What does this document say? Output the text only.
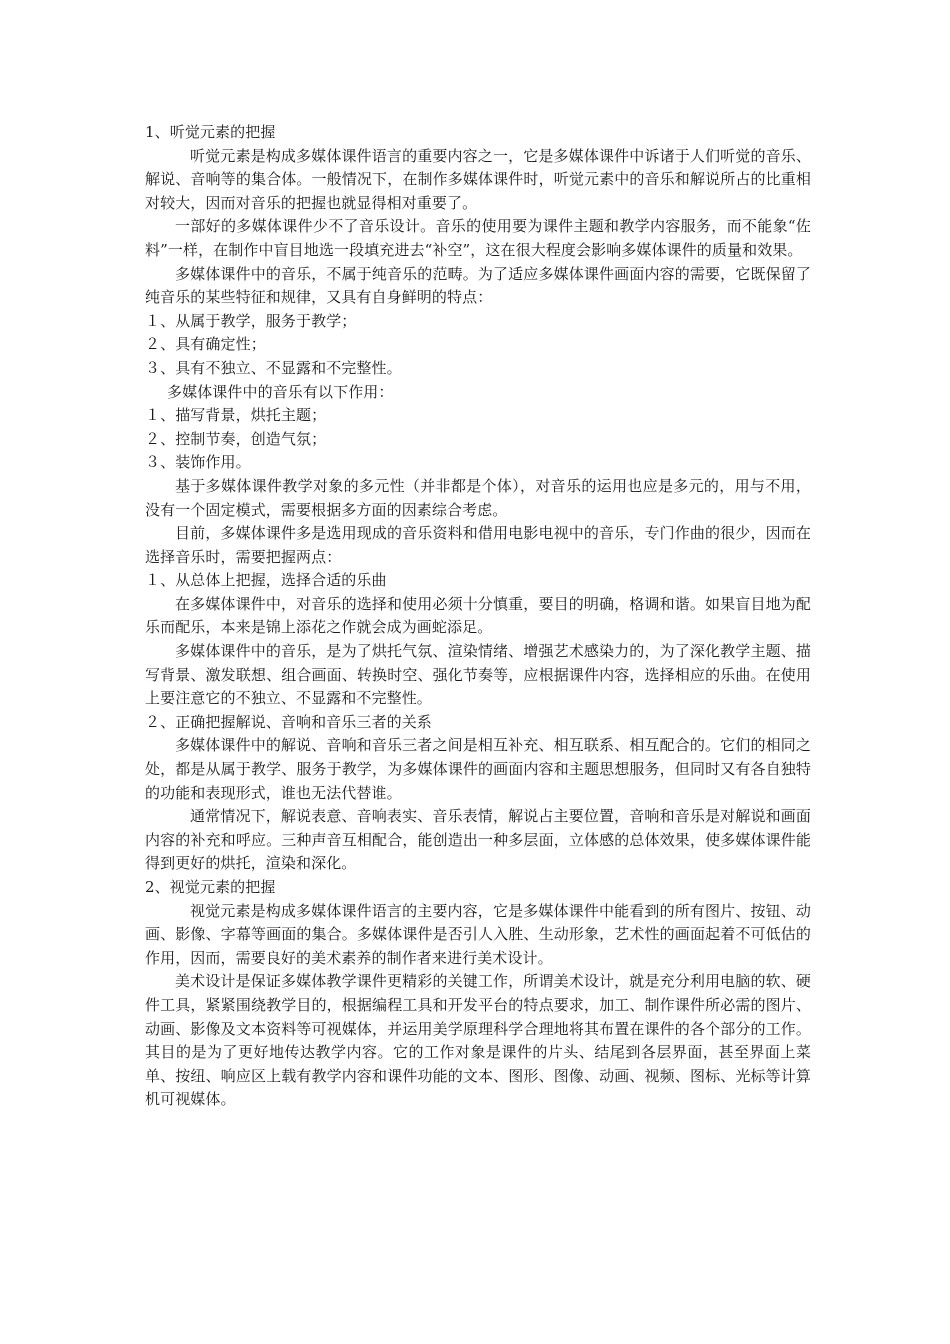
1、听觉元素的把握

听觉元素是构成多媒体课件语言的重要内容之一，它是多媒体课件中诉诸于人们听觉的音乐、解说、音响等的集合体。一般情况下，在制作多媒体课件时，听觉元素中的音乐和解说所占的比重相对较大，因而对音乐的把握也就显得相对重要了。

一部好的多媒体课件少不了音乐设计。音乐的使用要为课件主题和教学内容服务，而不能象“佐料”一样，在制作中盲目地选一段填充进去“补空”，这在很大程度会影响多媒体课件的质量和效果。

多媒体课件中的音乐，不属于纯音乐的范畴。为了适应多媒体课件画面内容的需要，它既保留了纯音乐的某些特征和规律，又具有自身鲜明的特点：

１、从属于教学，服务于教学；

２、具有确定性；

３、具有不独立、不显露和不完整性。

多媒体课件中的音乐有以下作用：

１、描写背景，烘托主题；

２、控制节奏，创造气氛；

３、装饰作用。

基于多媒体课件教学对象的多元性（并非都是个体），对音乐的运用也应是多元的，用与不用，没有一个固定模式，需要根据多方面的因素综合考虑。

目前，多媒体课件多是选用现成的音乐资料和借用电影电视中的音乐，专门作曲的很少，因而在选择音乐时，需要把握两点：

１、从总体上把握，选择合适的乐曲

在多媒体课件中，对音乐的选择和使用必须十分慎重，要目的明确，格调和谐。如果盲目地为配乐而配乐，本来是锦上添花之作就会成为画蛇添足。

多媒体课件中的音乐，是为了烘托气氛、渲染情绪、增强艺术感染力的，为了深化教学主题、描写背景、激发联想、组合画面、转换时空、强化节奏等，应根据课件内容，选择相应的乐曲。在使用上要注意它的不独立、不显露和不完整性。

２、正确把握解说、音响和音乐三者的关系

多媒体课件中的解说、音响和音乐三者之间是相互补充、相互联系、相互配合的。它们的相同之处，都是从属于教学、服务于教学，为多媒体课件的画面内容和主题思想服务，但同时又有各自独特的功能和表现形式，谁也无法代替谁。

通常情况下，解说表意、音响表实、音乐表情，解说占主要位置，音响和音乐是对解说和画面内容的补充和呼应。三种声音互相配合，能创造出一种多层面，立体感的总体效果，使多媒体课件能得到更好的烘托，渲染和深化。

2、视觉元素的把握

视觉元素是构成多媒体课件语言的主要内容，它是多媒体课件中能看到的所有图片、按钮、动画、影像、字幕等画面的集合。多媒体课件是否引人入胜、生动形象，艺术性的画面起着不可低估的作用，因而，需要良好的美术素养的制作者来进行美术设计。

美术设计是保证多媒体教学课件更精彩的关键工作，所谓美术设计，就是充分利用电脑的软、硬件工具，紧紧围绕教学目的，根据编程工具和开发平台的特点要求，加工、制作课件所必需的图片、动画、影像及文本资料等可视媒体，并运用美学原理科学合理地将其布置在课件的各个部分的工作。其目的是为了更好地传达教学内容。它的工作对象是课件的片头、结尾到各层界面，甚至界面上菜单、按纽、响应区上载有教学内容和课件功能的文本、图形、图像、动画、视频、图标、光标等计算机可视媒体。
